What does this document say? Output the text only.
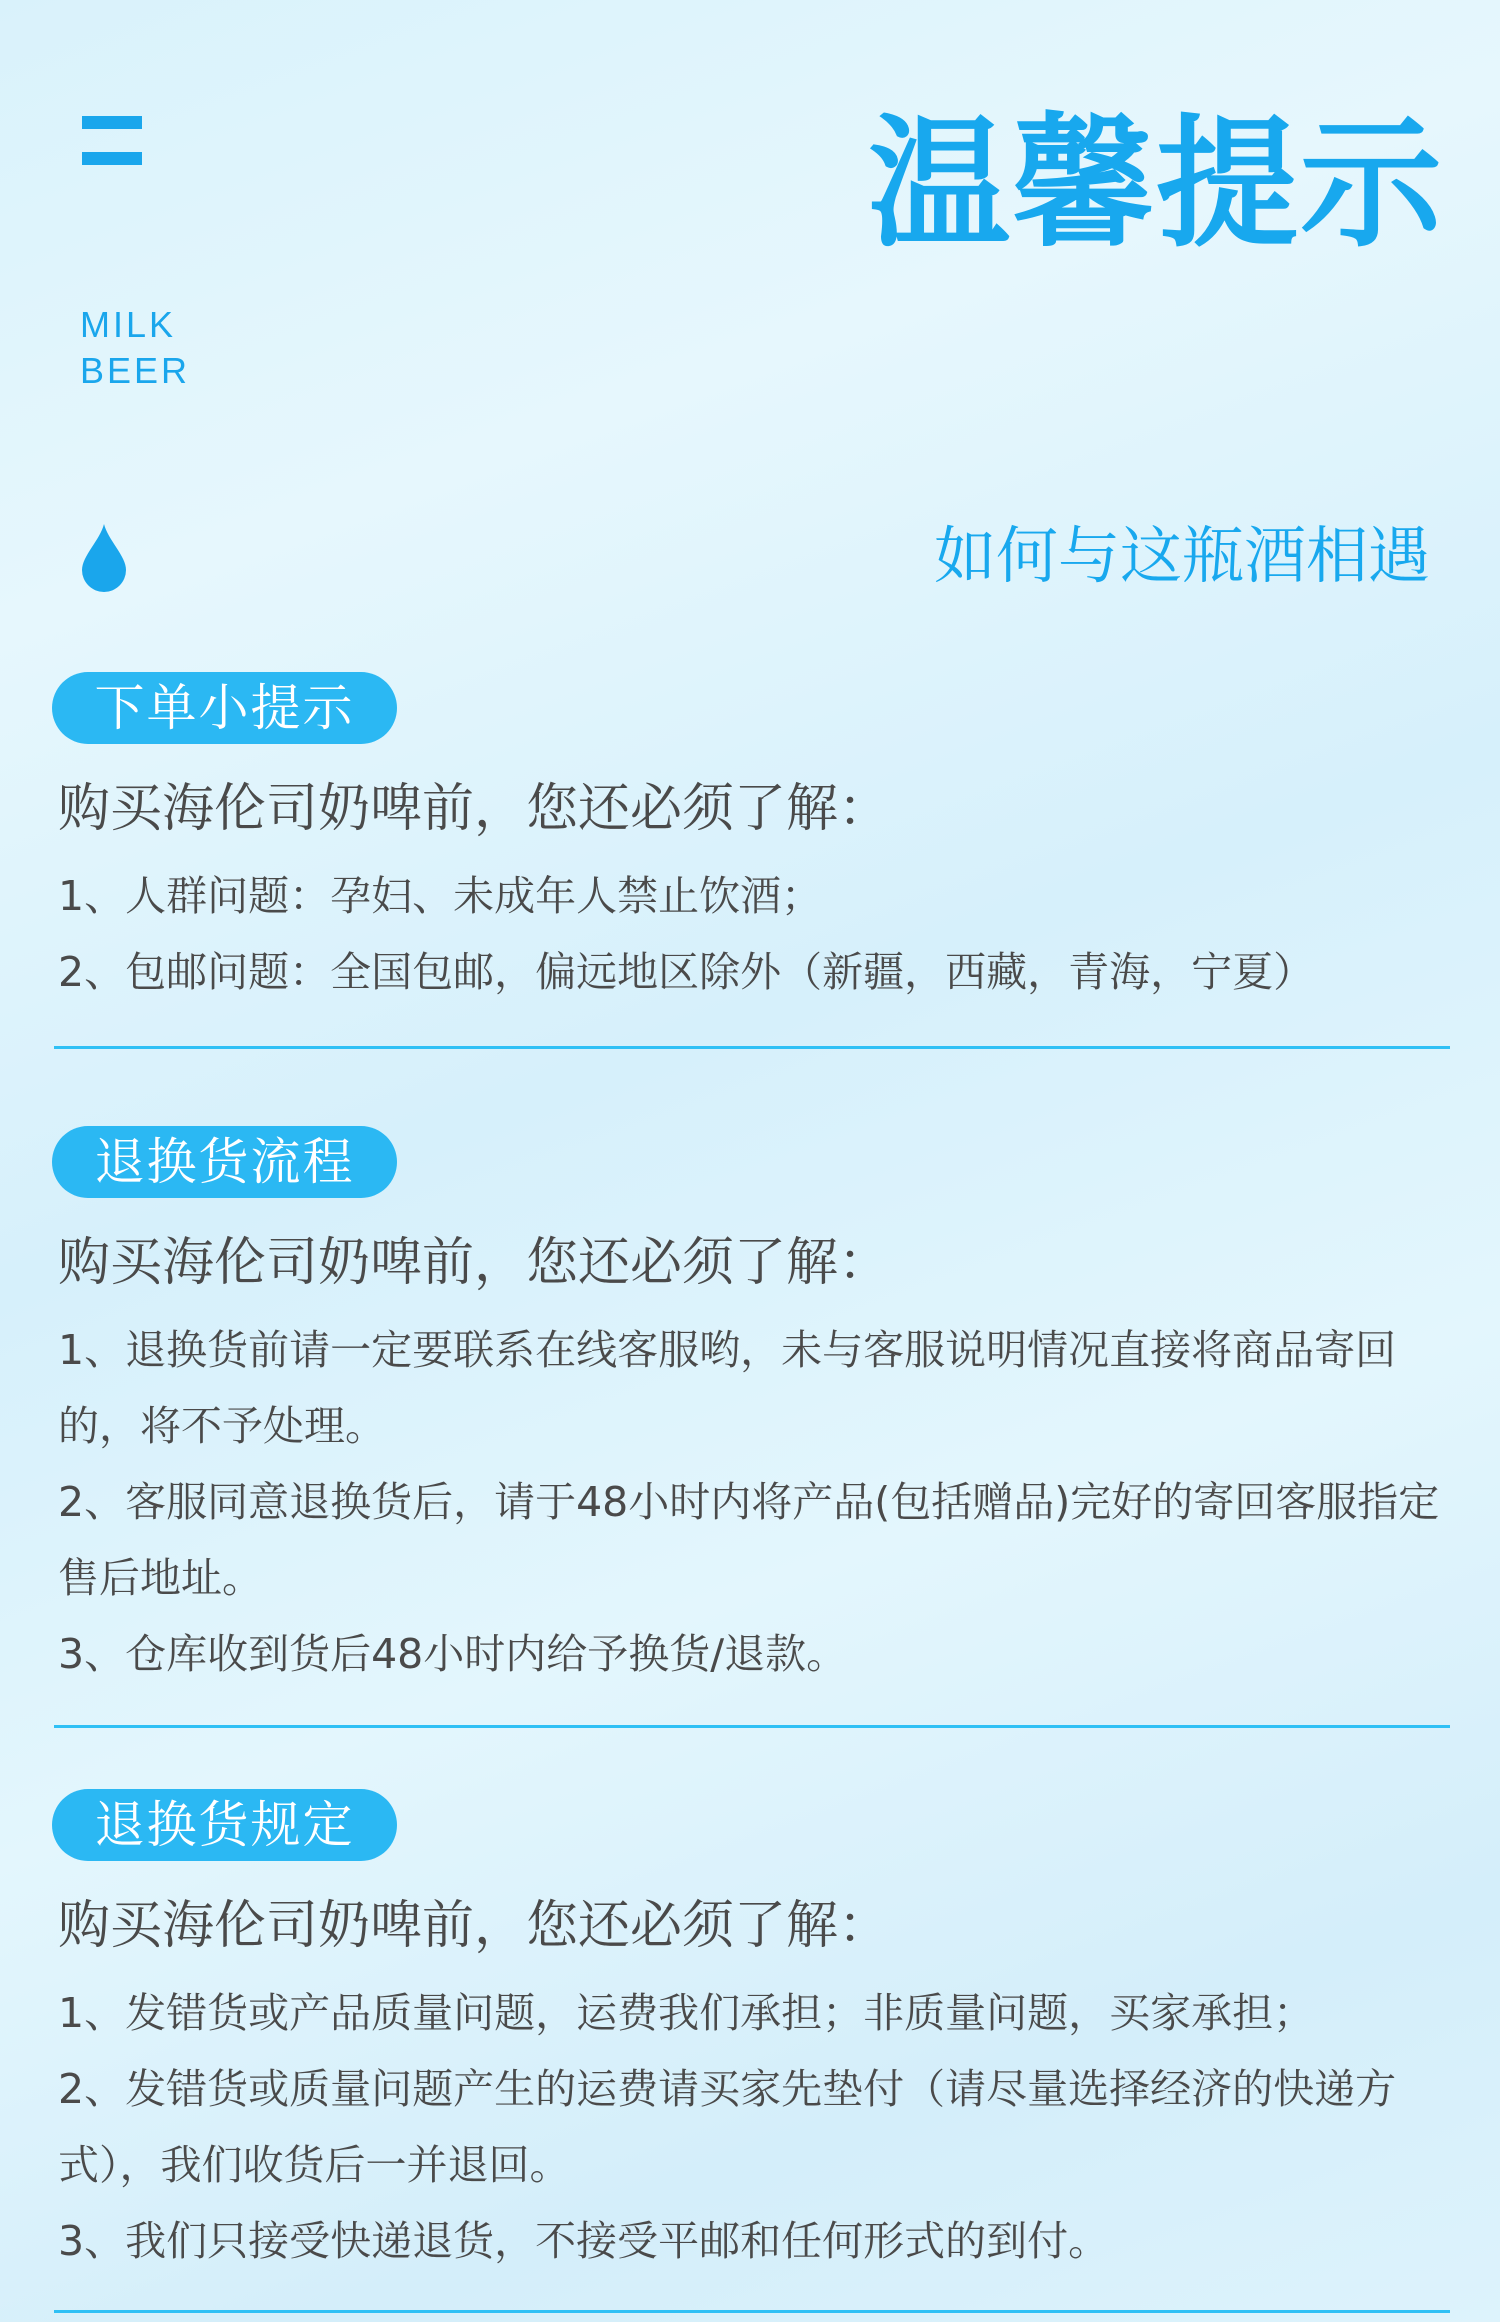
MILK
BEER
温馨提示
如何与这瓶酒相遇
下单小提示
购买海伦司奶啤前，您还必须了解：

1、人群问题：孕妇、未成年人禁止饮酒；

2、包邮问题：全国包邮，偏远地区除外（新疆，西藏，青海，宁夏）

退换货流程
购买海伦司奶啤前，您还必须了解：

1、退换货前请一定要联系在线客服哟，未与客服说明情况直接将商品寄回的，将不予处理。

2、客服同意退换货后，请于48小时内将产品(包括赠品)完好的寄回客服指定售后地址。

3、仓库收到货后48小时内给予换货/退款。

退换货规定
购买海伦司奶啤前，您还必须了解：

1、发错货或产品质量问题，运费我们承担；非质量问题，买家承担；

2、发错货或质量问题产生的运费请买家先垫付（请尽量选择经济的快递方式），我们收货后一并退回。

3、我们只接受快递退货，不接受平邮和任何形式的到付。
